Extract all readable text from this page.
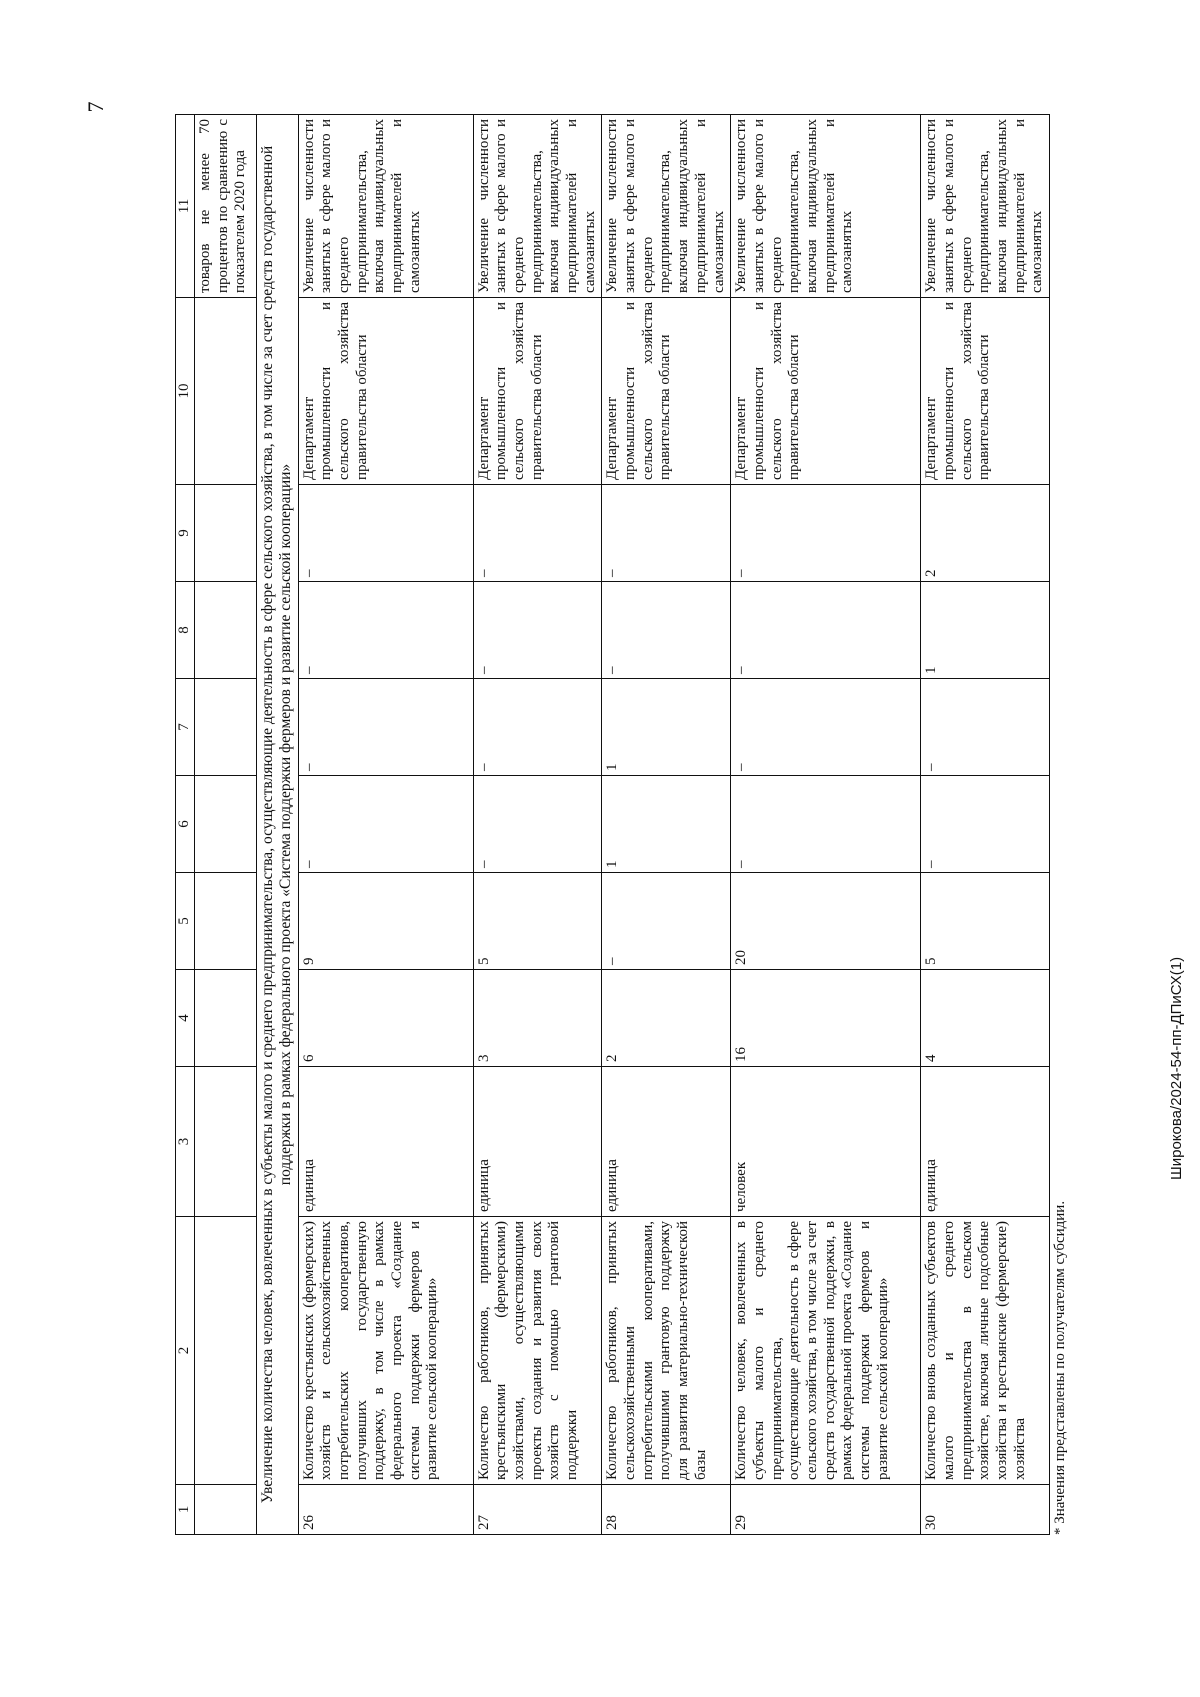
7
1	2	3	4	5	6	7	8	9	10	11
										товаров не менее 70 процентов по сравнению с показателем 2020 года
Увеличение количества человек, вовлеченных в субъекты малого и среднего предпринимательства, осуществляющие деятельность в сфере сельского хозяйства, в том числе за счет средств государственной поддержки в рамках федерального проекта «Система поддержки фермеров и развитие сельской кооперации»										
26	Количество крестьянских (фермерских) хозяйств и сельскохозяйственных потребительских кооперативов, получивших государственную поддержку, в том числе в рамках федерального проекта «Создание системы поддержки фермеров и развитие сельской кооперации»	единица	6	9	–	–	–	–	Департамент промышленности и сельского хозяйства правительства области	Увеличение численности занятых в сфере малого и среднего предпринимательства, включая индивидуальных предпринимателей и самозанятых
27	Количество работников, принятых крестьянскими (фермерскими) хозяйствами, осуществляющими проекты создания и развития своих хозяйств с помощью грантовой поддержки	единица	3	5	–	–	–	–	Департамент промышленности и сельского хозяйства правительства области	Увеличение численности занятых в сфере малого и среднего предпринимательства, включая индивидуальных предпринимателей и самозанятых
28	Количество работников, принятых сельскохозяйственными потребительскими кооперативами, получившими грантовую поддержку для развития материально-технической базы	единица	2	–	1	1	–	–	Департамент промышленности и сельского хозяйства правительства области	Увеличение численности занятых в сфере малого и среднего предпринимательства, включая индивидуальных предпринимателей и самозанятых
29	Количество человек, вовлеченных в субъекты малого и среднего предпринимательства, осуществляющие деятельность в сфере сельского хозяйства, в том числе за счет средств государственной поддержки, в рамках федеральной проекта «Создание системы поддержки фермеров и развитие сельской кооперации»	человек	16	20	–	–	–	–	Департамент промышленности и сельского хозяйства правительства области	Увеличение численности занятых в сфере малого и среднего предпринимательства, включая индивидуальных предпринимателей и самозанятых
30	Количество вновь созданных субъектов малого и среднего предпринимательства в сельском хозяйстве, включая личные подсобные хозяйства и крестьянские (фермерские) хозяйства	единица	4	5	–	–	1	2	Департамент промышленности и сельского хозяйства правительства области	Увеличение численности занятых в сфере малого и среднего предпринимательства, включая индивидуальных предпринимателей и самозанятых
* Значения представлены по получателям субсидии.
Широкова/2024-54-пп-ДПиСХ(1)
